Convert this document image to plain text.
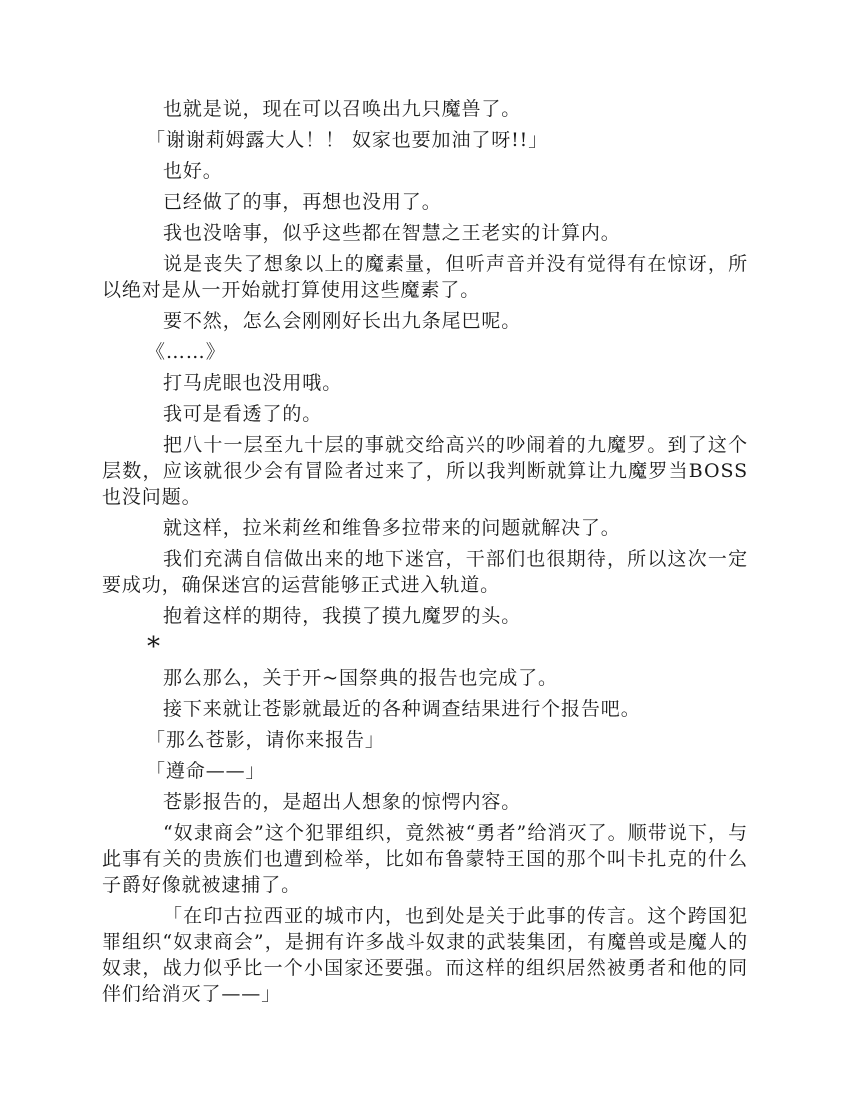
也就是说，现在可以召唤出九只魔兽了。

「谢谢莉姆露大人！！ 奴家也要加油了呀!!」

也好。

已经做了的事，再想也没用了。

我也没啥事，似乎这些都在智慧之王老实的计算内。

说是丧失了想象以上的魔素量，但听声音并没有觉得有在惊讶，所以绝对是从一开始就打算使用这些魔素了。

要不然，怎么会刚刚好长出九条尾巴呢。

《……》

打马虎眼也没用哦。

我可是看透了的。

把八十一层至九十层的事就交给高兴的吵闹着的九魔罗。到了这个层数，应该就很少会有冒险者过来了，所以我判断就算让九魔罗当BOSS也没问题。

就这样，拉米莉丝和维鲁多拉带来的问题就解决了。

我们充满自信做出来的地下迷宫，干部们也很期待，所以这次一定要成功，确保迷宫的运营能够正式进入轨道。

抱着这样的期待，我摸了摸九魔罗的头。

*

那么那么，关于开~国祭典的报告也完成了。

接下来就让苍影就最近的各种调查结果进行个报告吧。

「那么苍影，请你来报告」

「遵命——」

苍影报告的，是超出人想象的惊愕内容。

“奴隶商会”这个犯罪组织，竟然被“勇者”给消灭了。顺带说下，与此事有关的贵族们也遭到检举，比如布鲁蒙特王国的那个叫卡扎克的什么子爵好像就被逮捕了。

「在印古拉西亚的城市内，也到处是关于此事的传言。这个跨国犯罪组织“奴隶商会”，是拥有许多战斗奴隶的武装集团，有魔兽或是魔人的奴隶，战力似乎比一个小国家还要强。而这样的组织居然被勇者和他的同伴们给消灭了——」
